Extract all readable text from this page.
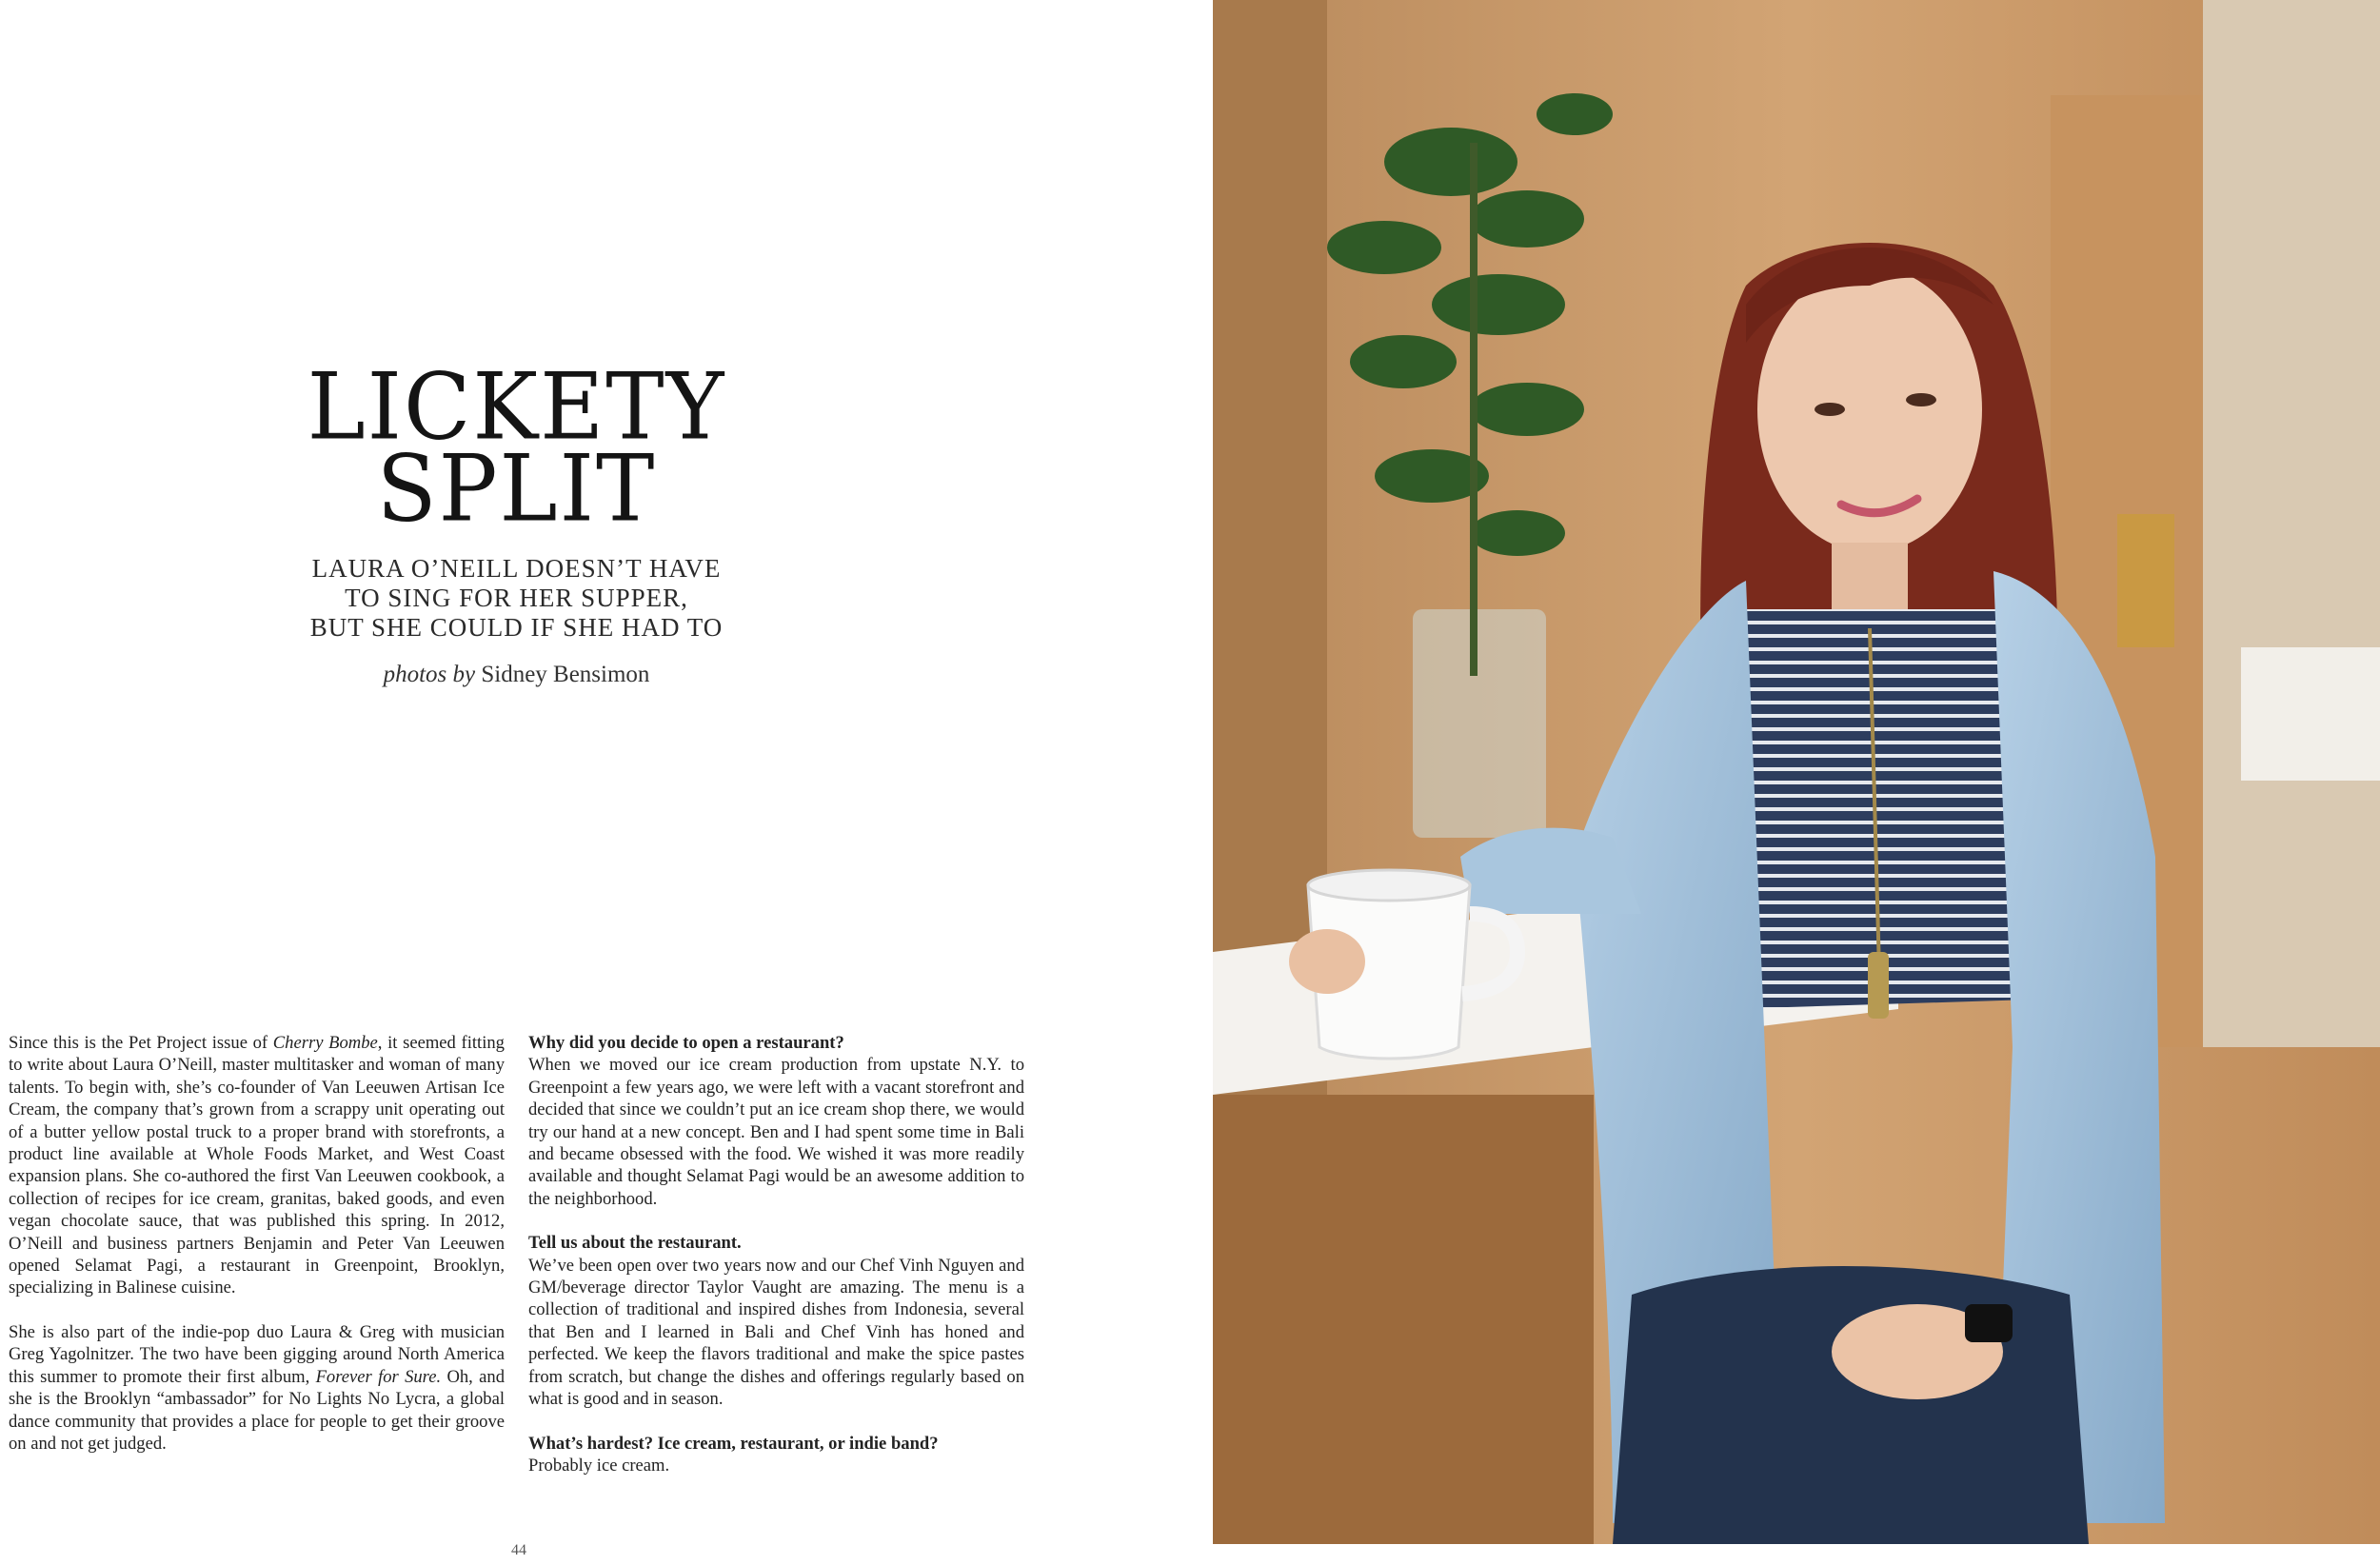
LICKETY
SPLIT
LAURA O’NEILL DOESN’T HAVE
TO SING FOR HER SUPPER,
BUT SHE COULD IF SHE HAD TO
photos by Sidney Bensimon

Since this is the Pet Project issue of Cherry Bombe, it seemed fitting to write about Laura O’Neill, master multitasker and woman of many talents. To begin with, she’s co-founder of Van Leeuwen Artisan Ice Cream, the company that’s grown from a scrappy unit operating out of a butter yellow postal truck to a proper brand with storefronts, a product line available at Whole Foods Market, and West Coast expansion plans. She co-authored the first Van Leeuwen cookbook, a collection of recipes for ice cream, granitas, baked goods, and even vegan chocolate sauce, that was published this spring. In 2012, O’Neill and business partners Benjamin and Peter Van Leeuwen opened Selamat Pagi, a restaurant in Greenpoint, Brooklyn, specializing in Balinese cuisine.

She is also part of the indie-pop duo Laura & Greg with musician Greg Yagolnitzer. The two have been gigging around North America this summer to promote their first album, Forever for Sure. Oh, and she is the Brooklyn “ambassador” for No Lights No Lycra, a global dance community that provides a place for people to get their groove on and not get judged.

Why did you decide to open a restaurant?
When we moved our ice cream production from upstate N.Y. to Greenpoint a few years ago, we were left with a vacant storefront and decided that since we couldn’t put an ice cream shop there, we would try our hand at a new concept. Ben and I had spent some time in Bali and became obsessed with the food. We wished it was more readily available and thought Selamat Pagi would be an awesome addition to the neighborhood.

Tell us about the restaurant.
We’ve been open over two years now and our Chef Vinh Nguyen and GM/beverage director Taylor Vaught are amazing. The menu is a collection of traditional and inspired dishes from Indonesia, several that Ben and I learned in Bali and Chef Vinh has honed and perfected. We keep the flavors traditional and make the spice pastes from scratch, but change the dishes and offerings regularly based on what is good and in season.

What’s hardest? Ice cream, restaurant, or indie band?
Probably ice cream.

44
